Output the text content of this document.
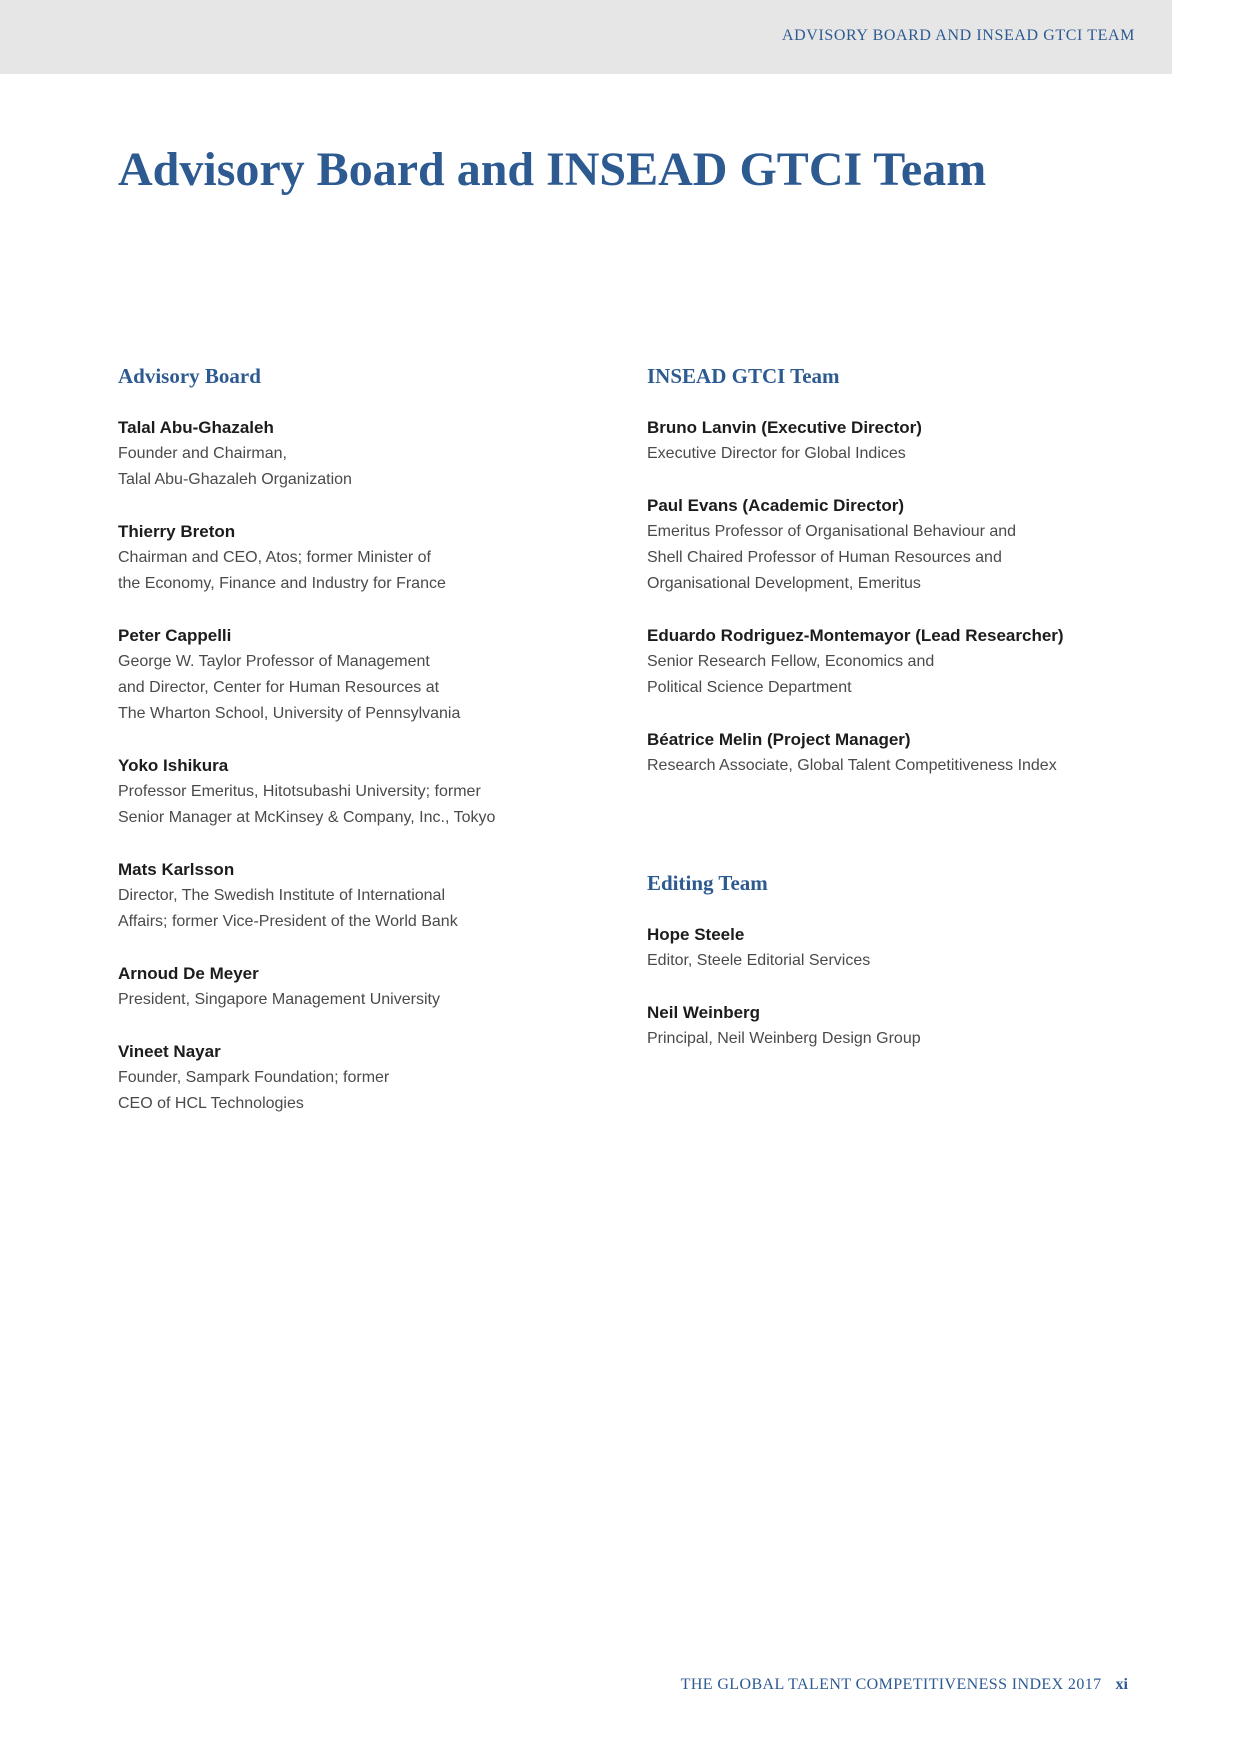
ADVISORY BOARD AND INSEAD GTCI TEAM
Advisory Board and INSEAD GTCI Team
Advisory Board
Talal Abu-Ghazaleh
Founder and Chairman,
Talal Abu-Ghazaleh Organization
Thierry Breton
Chairman and CEO, Atos; former Minister of
the Economy, Finance and Industry for France
Peter Cappelli
George W. Taylor Professor of Management
and Director, Center for Human Resources at
The Wharton School, University of Pennsylvania
Yoko Ishikura
Professor Emeritus, Hitotsubashi University; former
Senior Manager at McKinsey & Company, Inc., Tokyo
Mats Karlsson
Director, The Swedish Institute of International
Affairs; former Vice-President of the World Bank
Arnoud De Meyer
President, Singapore Management University
Vineet Nayar
Founder, Sampark Foundation; former
CEO of HCL Technologies
INSEAD GTCI Team
Bruno Lanvin (Executive Director)
Executive Director for Global Indices
Paul Evans (Academic Director)
Emeritus Professor of Organisational Behaviour and
Shell Chaired Professor of Human Resources and
Organisational Development, Emeritus
Eduardo Rodriguez-Montemayor (Lead Researcher)
Senior Research Fellow, Economics and
Political Science Department
Béatrice Melin (Project Manager)
Research Associate, Global Talent Competitiveness Index
Editing Team
Hope Steele
Editor, Steele Editorial Services
Neil Weinberg
Principal, Neil Weinberg Design Group
THE GLOBAL TALENT COMPETITIVENESS INDEX 2017 xi
